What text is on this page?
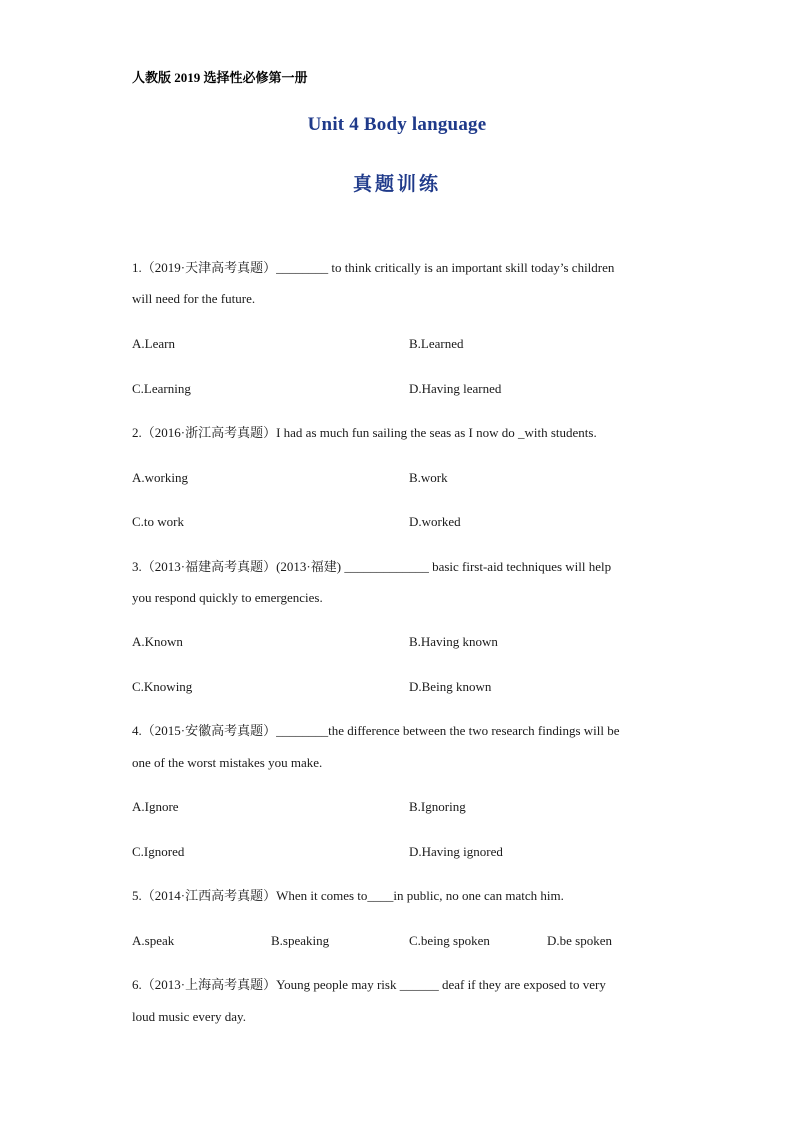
人教版 2019 选择性必修第一册
Unit 4 Body language
真题训练
1.（2019·天津高考真题）________ to think critically is an important skill today’s children
will need for the future.
A.Learn	B.Learned
C.Learning	D.Having learned
2.（2016·浙江高考真题）I had as much fun sailing the seas as I now do _with students.
A.working	B.work
C.to work	D.worked
3.（2013·福建高考真题）(2013·福建) _____________ basic first-aid techniques will help
you respond quickly to emergencies.
A.Known	B.Having known
C.Knowing	D.Being known
4.（2015·安徽高考真题）________the difference between the two research findings will be
one of the worst mistakes you make.
A.Ignore	B.Ignoring
C.Ignored	D.Having ignored
5.（2014·江西高考真题）When it comes to____in public, no one can match him.
A.speak	B.speaking	C.being spoken	D.be spoken
6.（2013·上海高考真题）Young people may risk ______ deaf if they are exposed to very
loud music every day.
